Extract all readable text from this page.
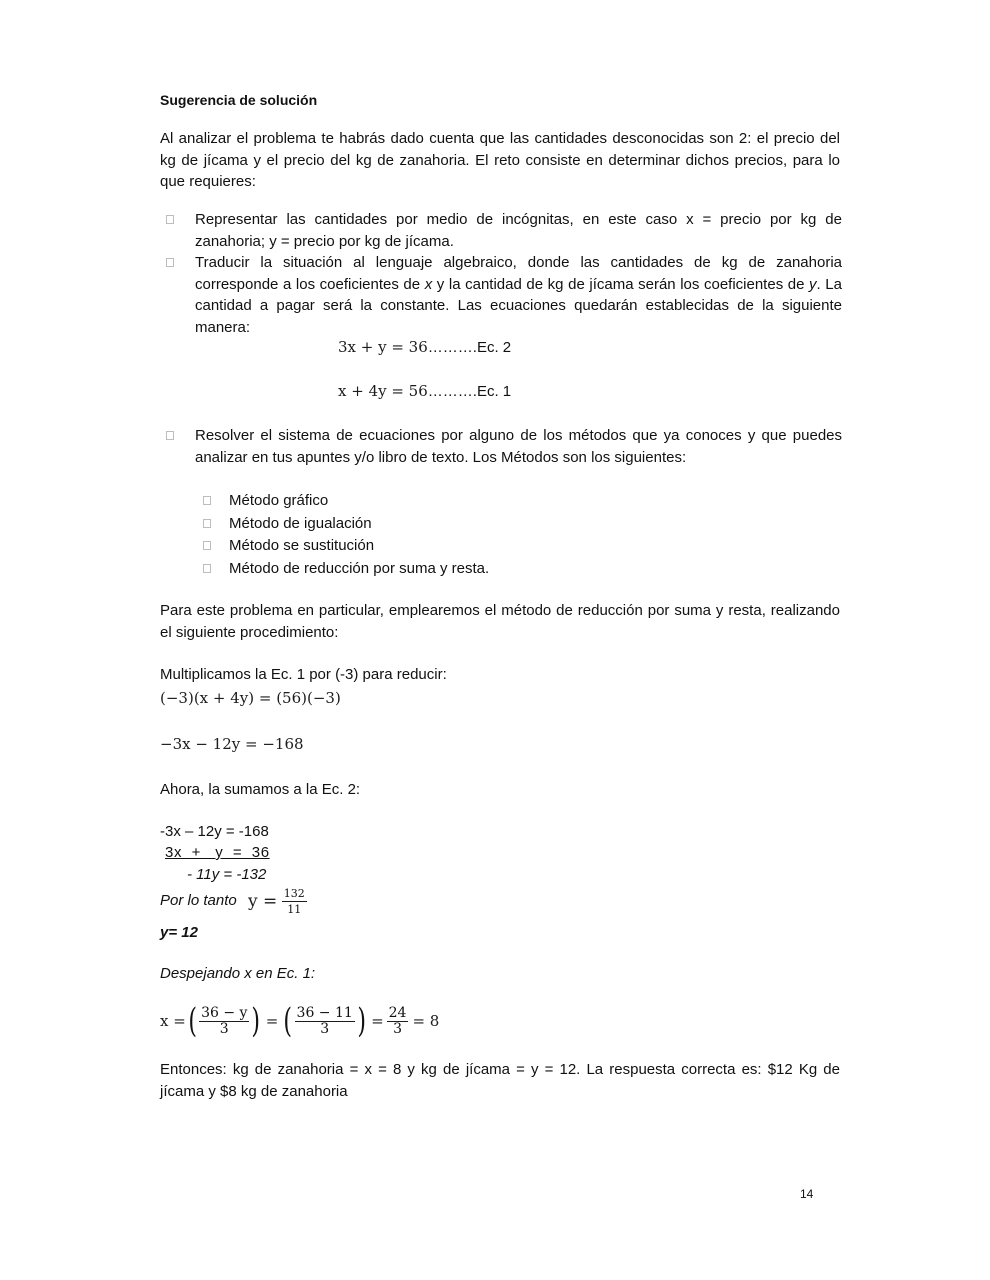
Sugerencia de solución
Al analizar el problema te habrás dado cuenta que las cantidades desconocidas son 2: el precio del kg de jícama y el precio del kg de zanahoria. El reto consiste en determinar dichos precios, para lo que requieres:
Representar las cantidades por medio de incógnitas, en este caso x = precio por kg de zanahoria; y = precio por kg de jícama.
Traducir la situación al lenguaje algebraico, donde las cantidades de kg de zanahoria corresponde a los coeficientes de x y la cantidad de kg de jícama serán los coeficientes de y. La cantidad a pagar será la constante. Las ecuaciones quedarán establecidas de la siguiente manera:
3x + y = 36……….Ec. 2
x + 4y = 56……….Ec. 1
Resolver el sistema de ecuaciones por alguno de los métodos que ya conoces y que puedes analizar en tus apuntes y/o libro de texto. Los Métodos son los siguientes:
Método gráfico
Método de igualación
Método se sustitución
Método de reducción por suma y resta.
Para este problema en particular, emplearemos el método de reducción por suma y resta, realizando el siguiente procedimiento:
Multiplicamos la Ec. 1 por (-3) para reducir:
(−3)(x + 4y) = (56)(−3)
−3x − 12y = −168
Ahora, la sumamos a la Ec. 2:
-3x – 12y = -168
3x  +   y  =  36
- 11y = -132
Por lo tanto $y = \frac{132}{11}$
y= 12
Despejando x en Ec. 1:
x = ( $\frac{36 - y}{3}$ ) = ( $\frac{36 - 11}{3}$ ) = $\frac{24}{3} = 8$
Entonces: kg de zanahoria = x = 8 y kg de jícama = y = 12. La respuesta correcta es: $12 Kg de jícama y $8 kg de zanahoria
14
